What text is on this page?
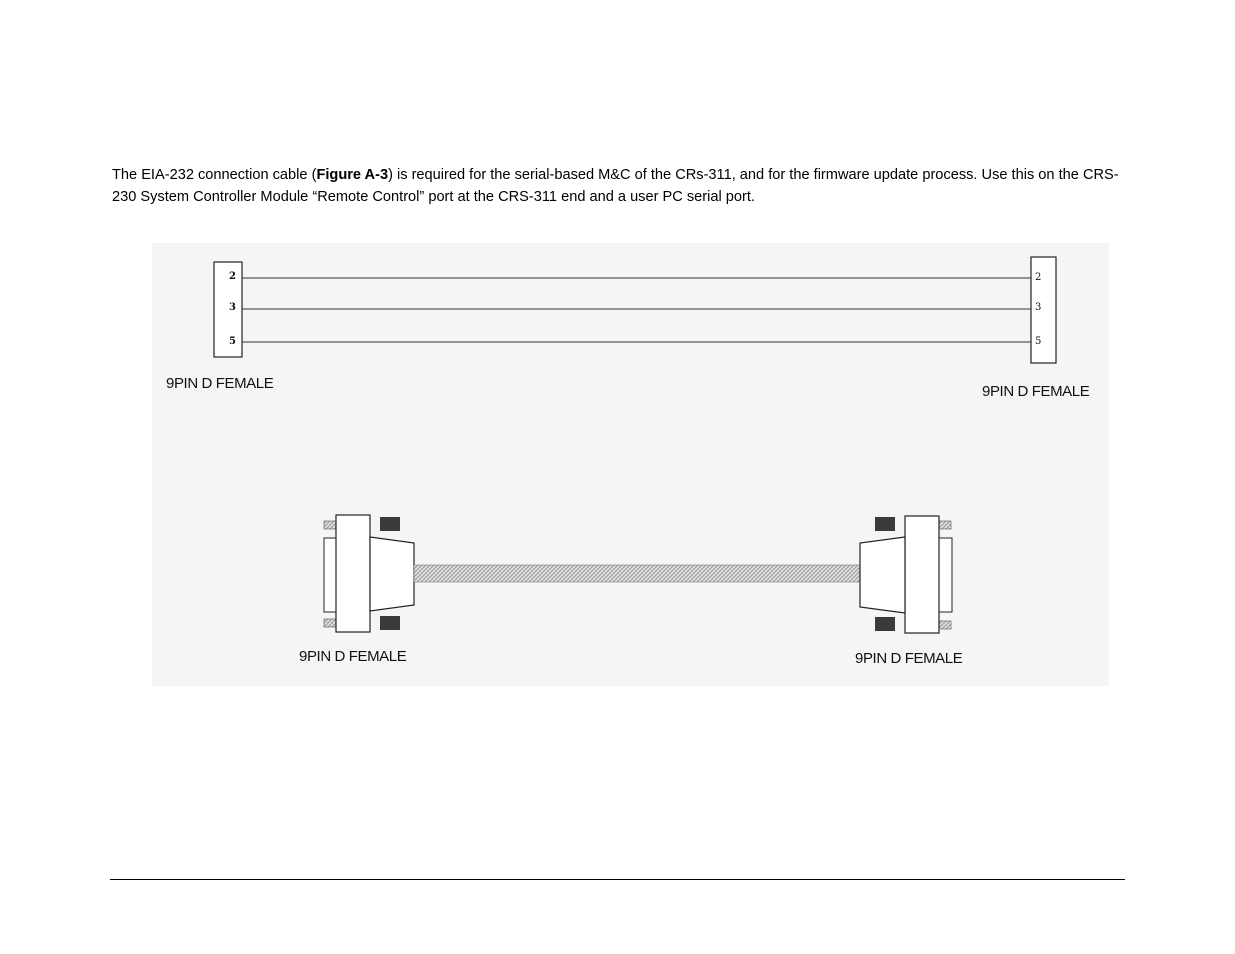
The EIA-232 connection cable (Figure A-3) is required for the serial-based M&C of the CRs-311, and for the firmware update process. Use this on the CRS-230 System Controller Module “Remote Control” port at the CRS-311 end and a user PC serial port.

2
3
5
2
3
5
9PIN D FEMALE	9PIN D FEMALE
9PIN D FEMALE	9PIN D FEMALE
